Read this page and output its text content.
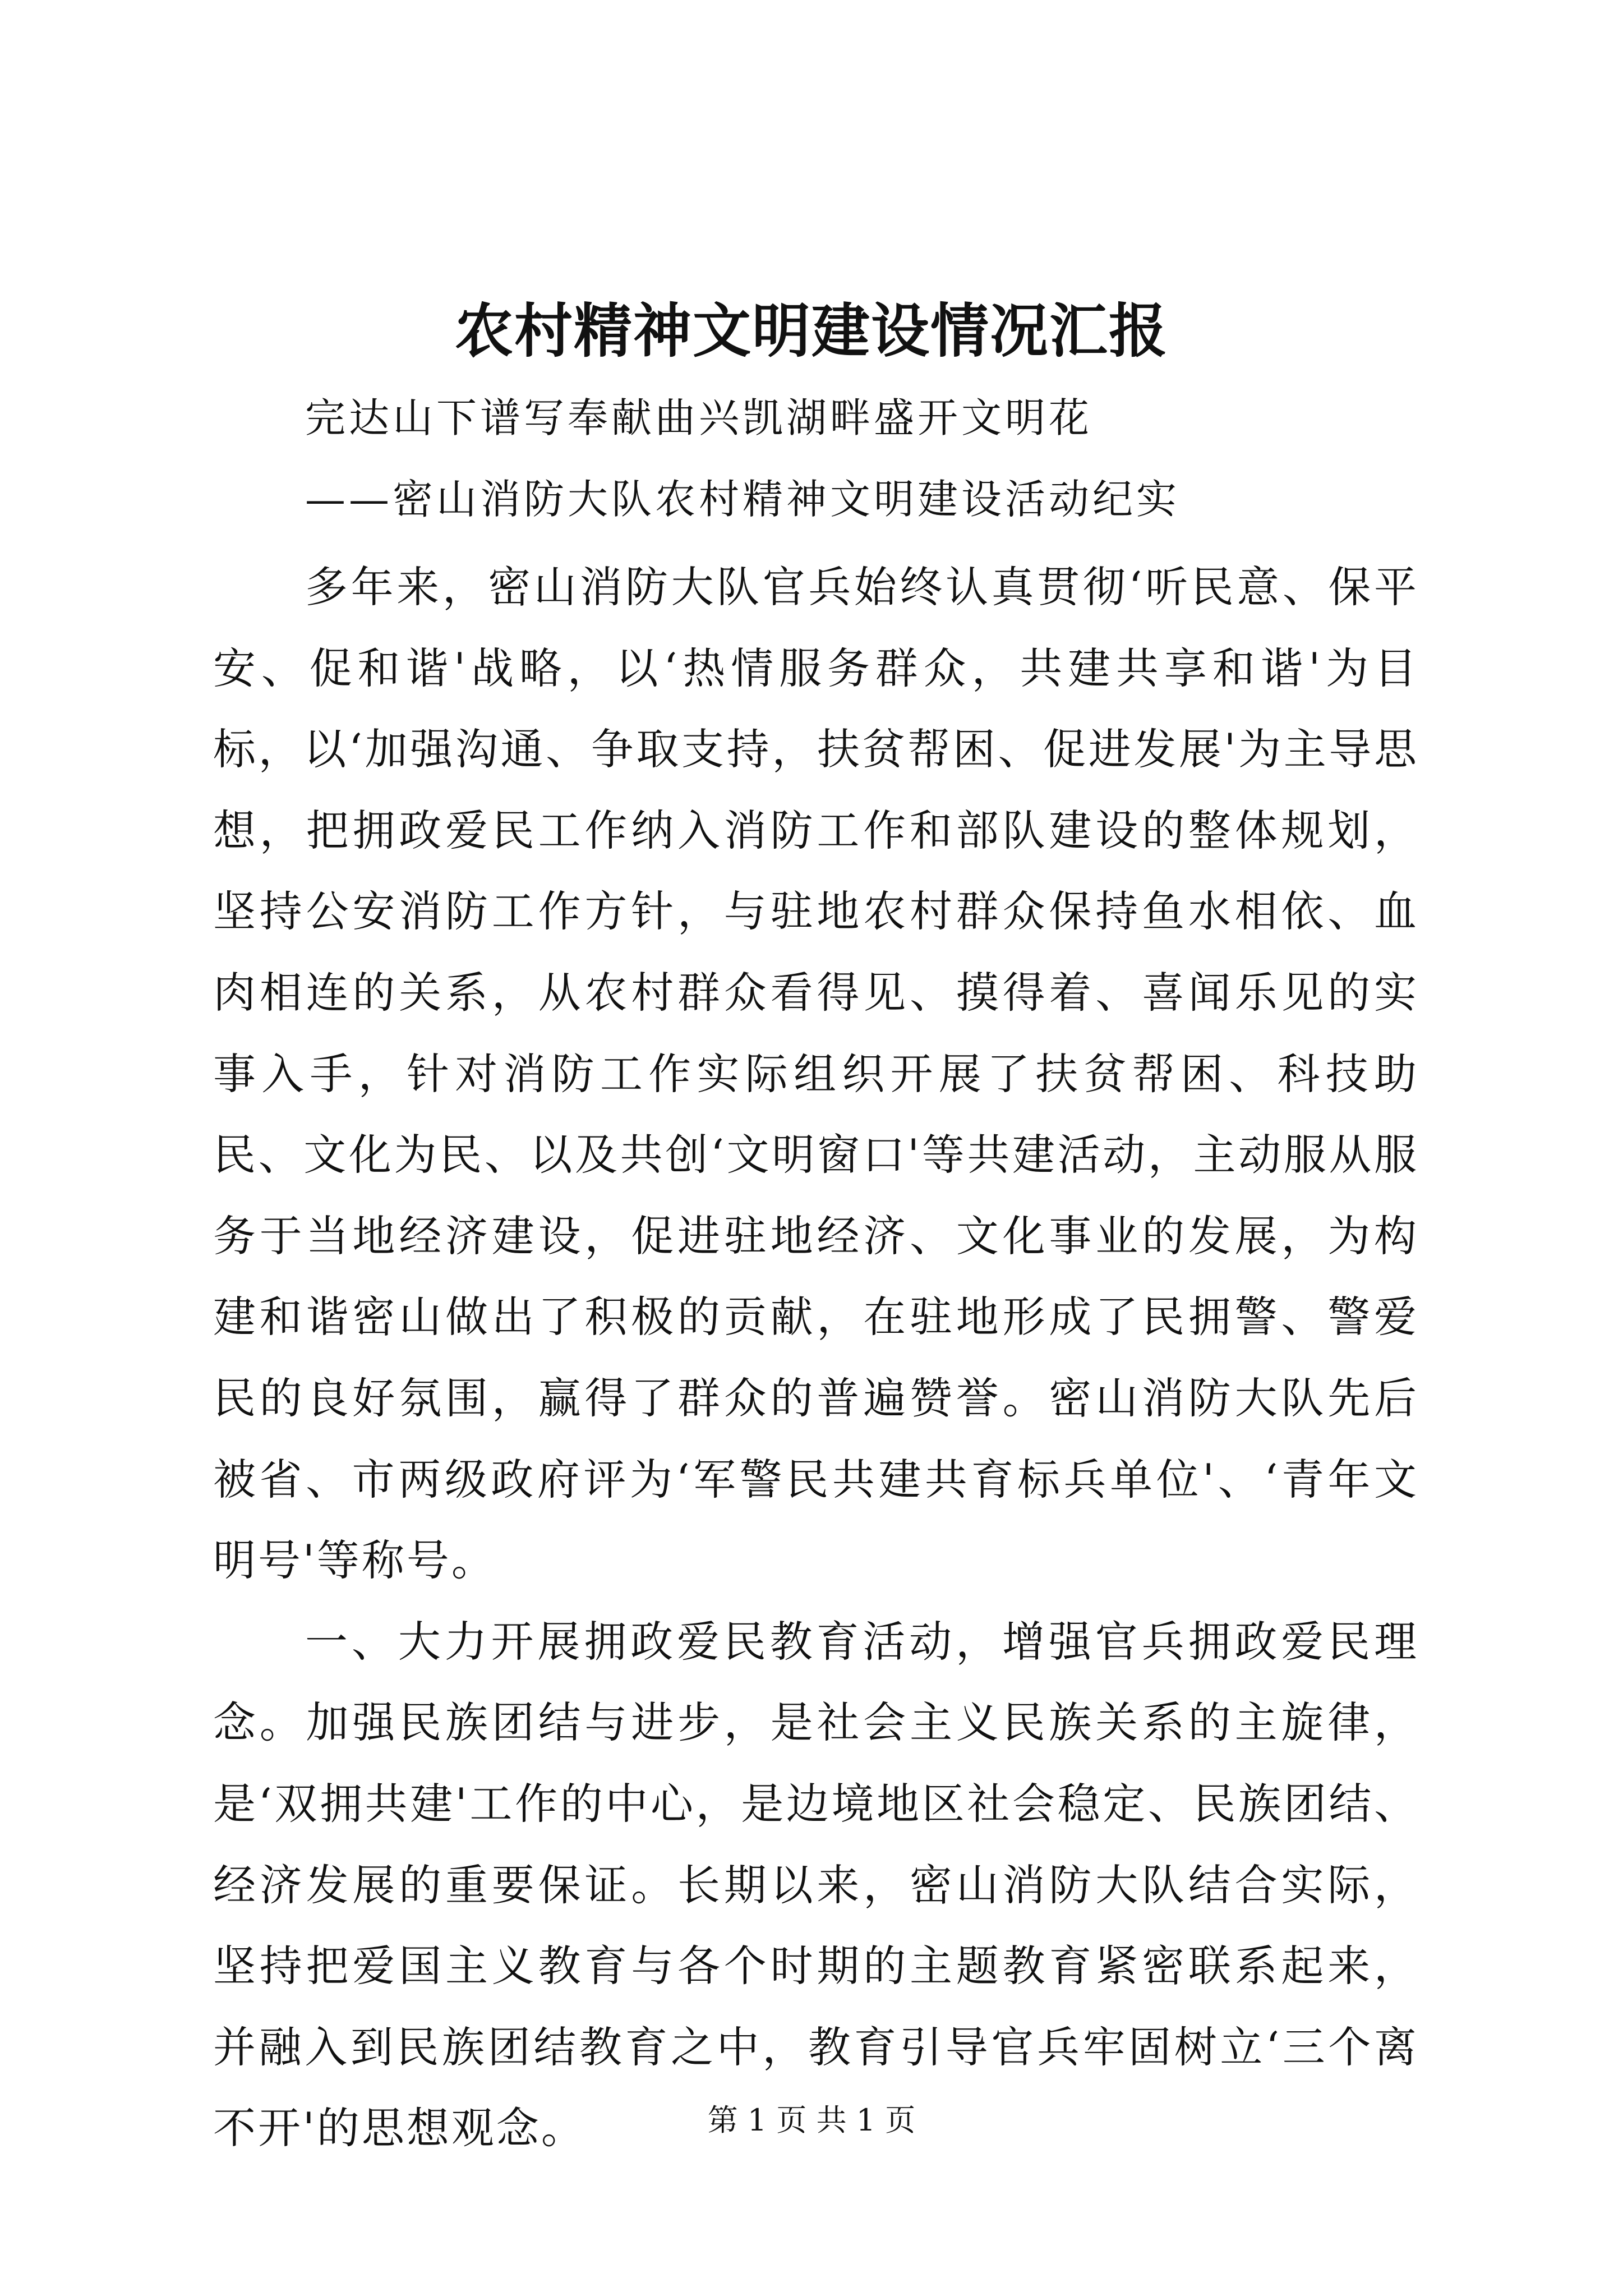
农村精神文明建设情况汇报

完达山下谱写奉献曲兴凯湖畔盛开文明花

——密山消防大队农村精神文明建设活动纪实

多年来，密山消防大队官兵始终认真贯彻‘听民意、保平安、促和谐'战略，以‘热情服务群众，共建共享和谐'为目标，以‘加强沟通、争取支持，扶贫帮困、促进发展'为主导思想，把拥政爱民工作纳入消防工作和部队建设的整体规划，坚持公安消防工作方针，与驻地农村群众保持鱼水相依、血肉相连的关系，从农村群众看得见、摸得着、喜闻乐见的实事入手，针对消防工作实际组织开展了扶贫帮困、科技助民、文化为民、以及共创‘文明窗口'等共建活动，主动服从服务于当地经济建设，促进驻地经济、文化事业的发展，为构建和谐密山做出了积极的贡献，在驻地形成了民拥警、警爱民的良好氛围，赢得了群众的普遍赞誉。密山消防大队先后被省、市两级政府评为‘军警民共建共育标兵单位'、‘青年文明号'等称号。

一、大力开展拥政爱民教育活动，增强官兵拥政爱民理念。加强民族团结与进步，是社会主义民族关系的主旋律，是‘双拥共建'工作的中心，是边境地区社会稳定、民族团结、经济发展的重要保证。长期以来，密山消防大队结合实际，坚持把爱国主义教育与各个时期的主题教育紧密联系起来，并融入到民族团结教育之中，教育引导官兵牢固树立‘三个离不开'的思想观念。	第 1 页 共 1 页
